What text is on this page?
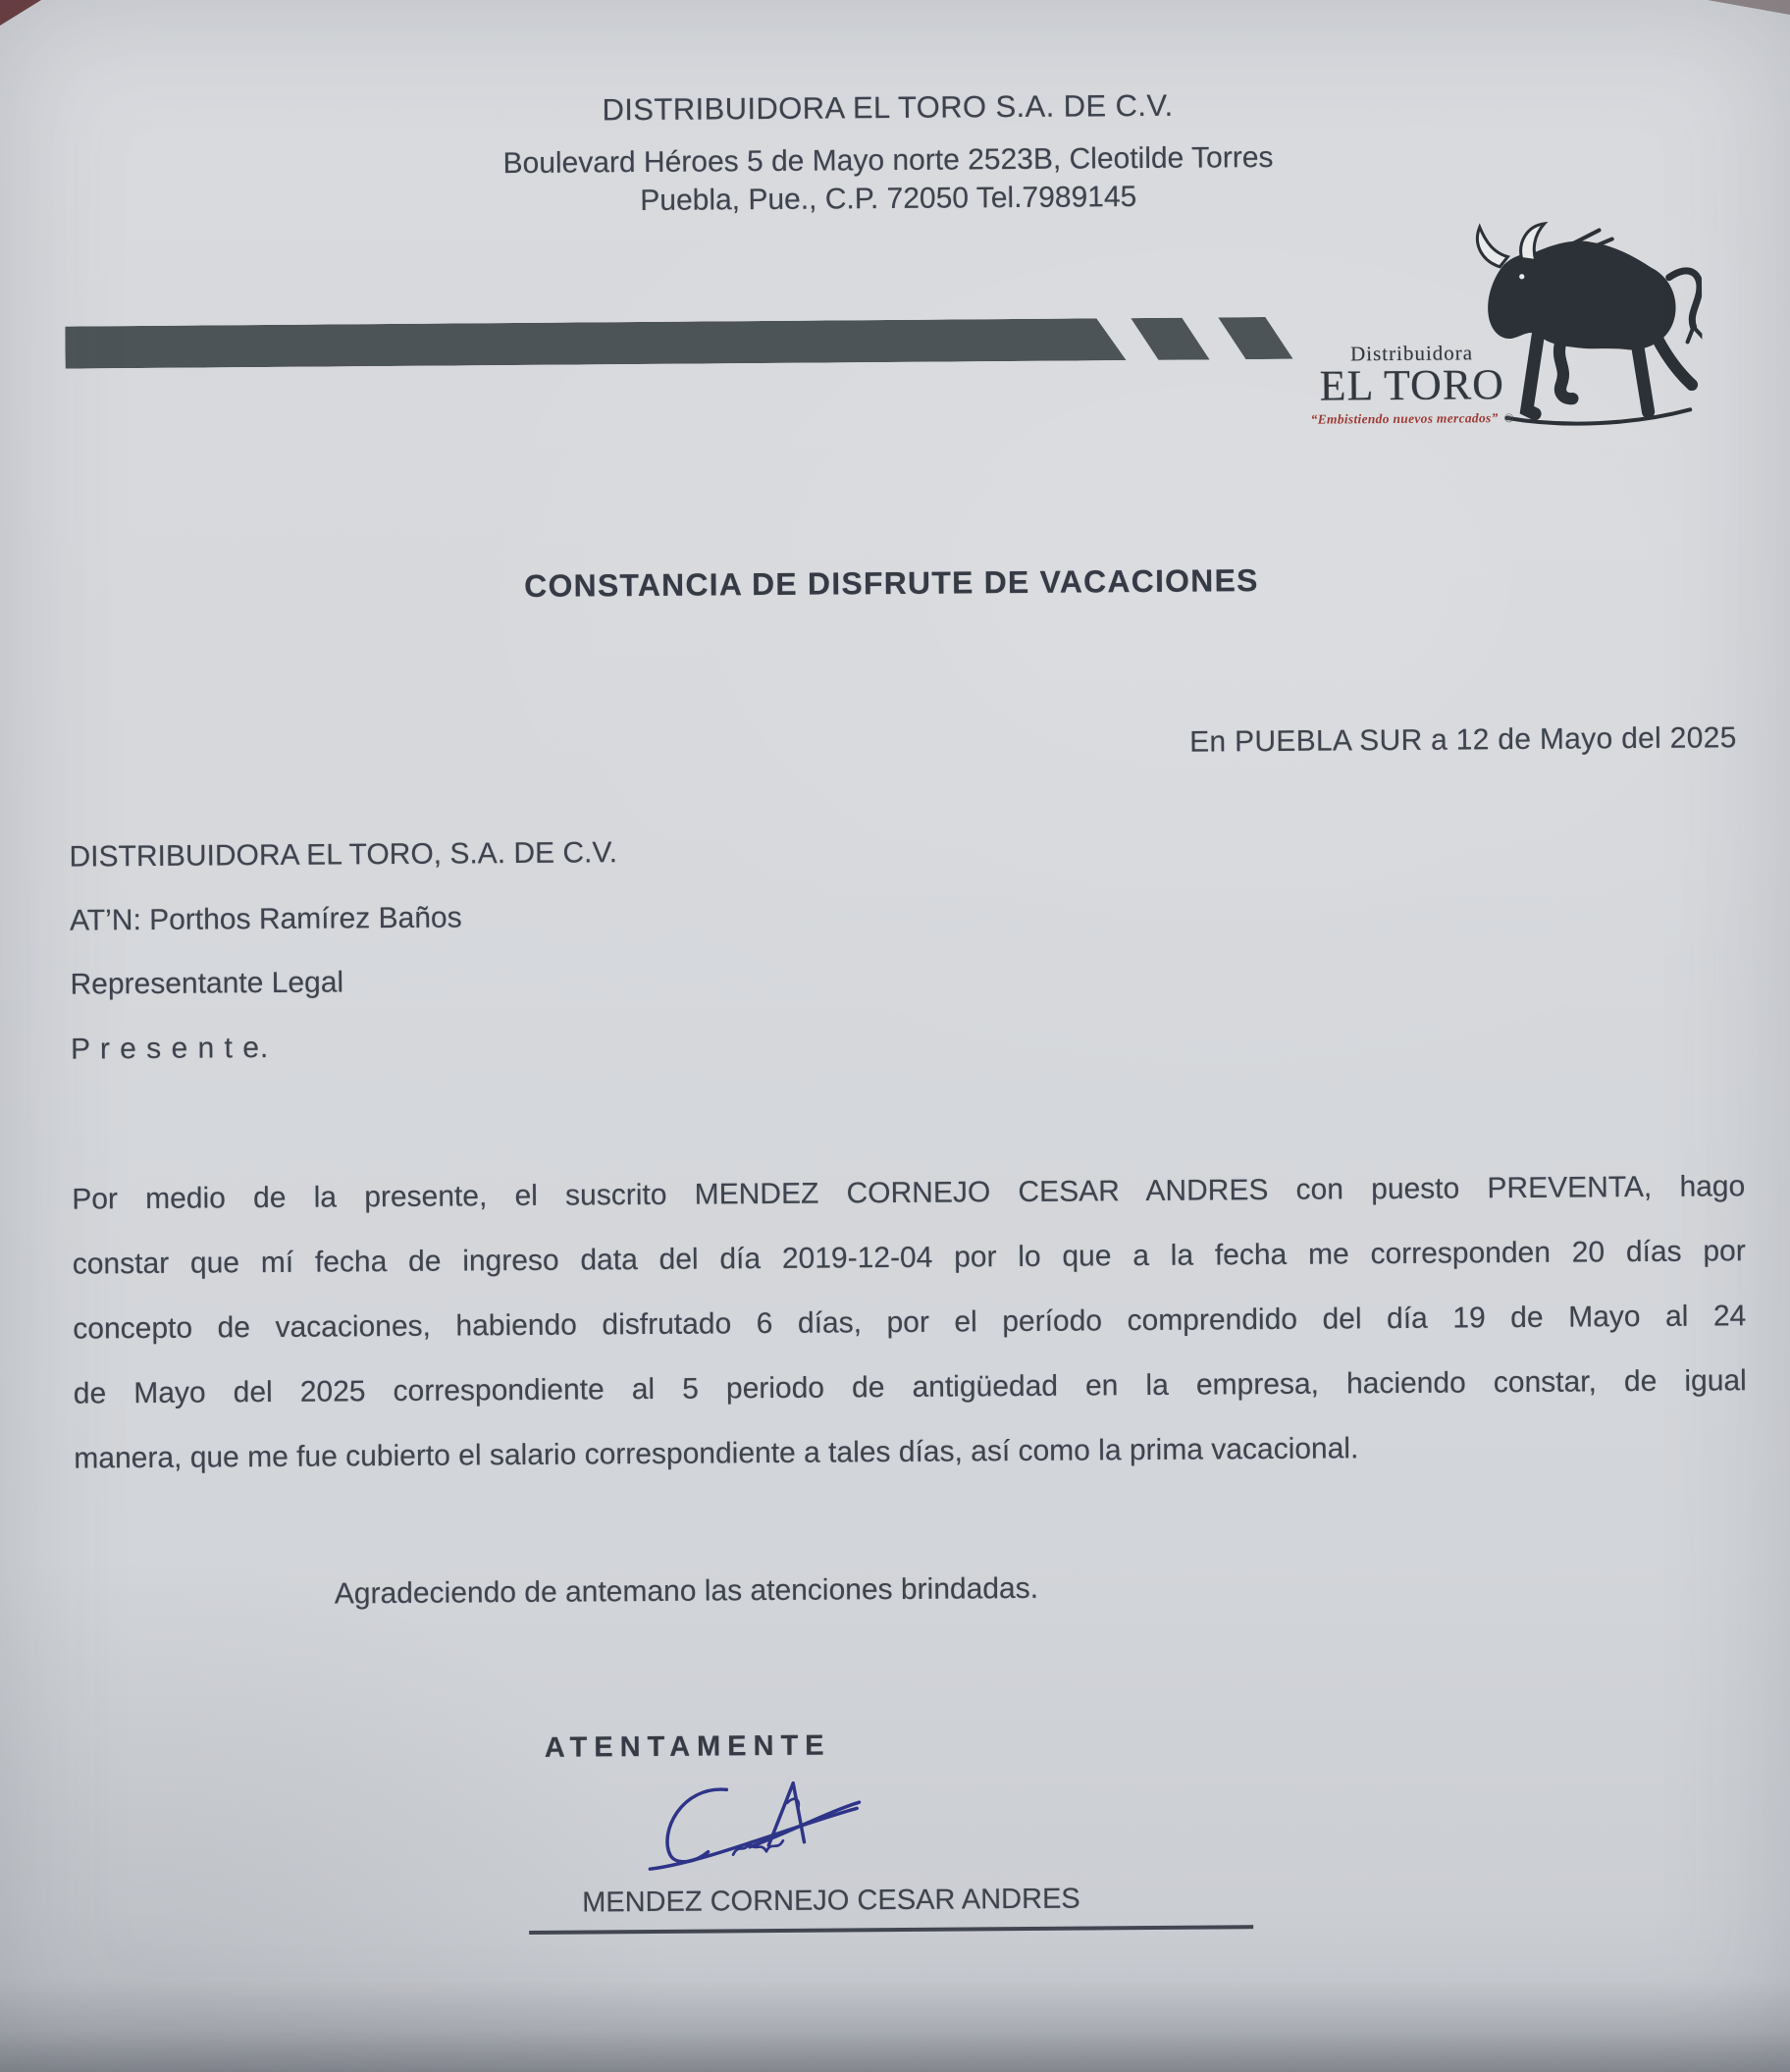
DISTRIBUIDORA EL TORO S.A. DE C.V.
Boulevard Héroes 5 de Mayo norte 2523B, Cleotilde Torres
Puebla, Pue., C.P. 72050 Tel.7989145
Distribuidora
EL TORO
“Embistiendo nuevos mercados” ®
CONSTANCIA DE DISFRUTE DE VACACIONES
En PUEBLA SUR a 12 de Mayo del 2025
DISTRIBUIDORA EL TORO, S.A. DE C.V.
AT’N: Porthos Ramírez Baños
Representante Legal
P r e s e n t e.
Por medio de la presente, el suscrito MENDEZ CORNEJO CESAR ANDRES con puesto PREVENTA, hago
constar que mí fecha de ingreso data del día 2019-12-04 por lo que a la fecha me corresponden 20 días por
concepto de vacaciones, habiendo disfrutado 6 días, por el período comprendido del día 19 de Mayo al 24
de Mayo del 2025 correspondiente al 5 periodo de antigüedad en la empresa, haciendo constar, de igual
manera, que me fue cubierto el salario correspondiente a tales días, así como la prima vacacional.
Agradeciendo de antemano las atenciones brindadas.
ATENTAMENTE
MENDEZ CORNEJO CESAR ANDRES
